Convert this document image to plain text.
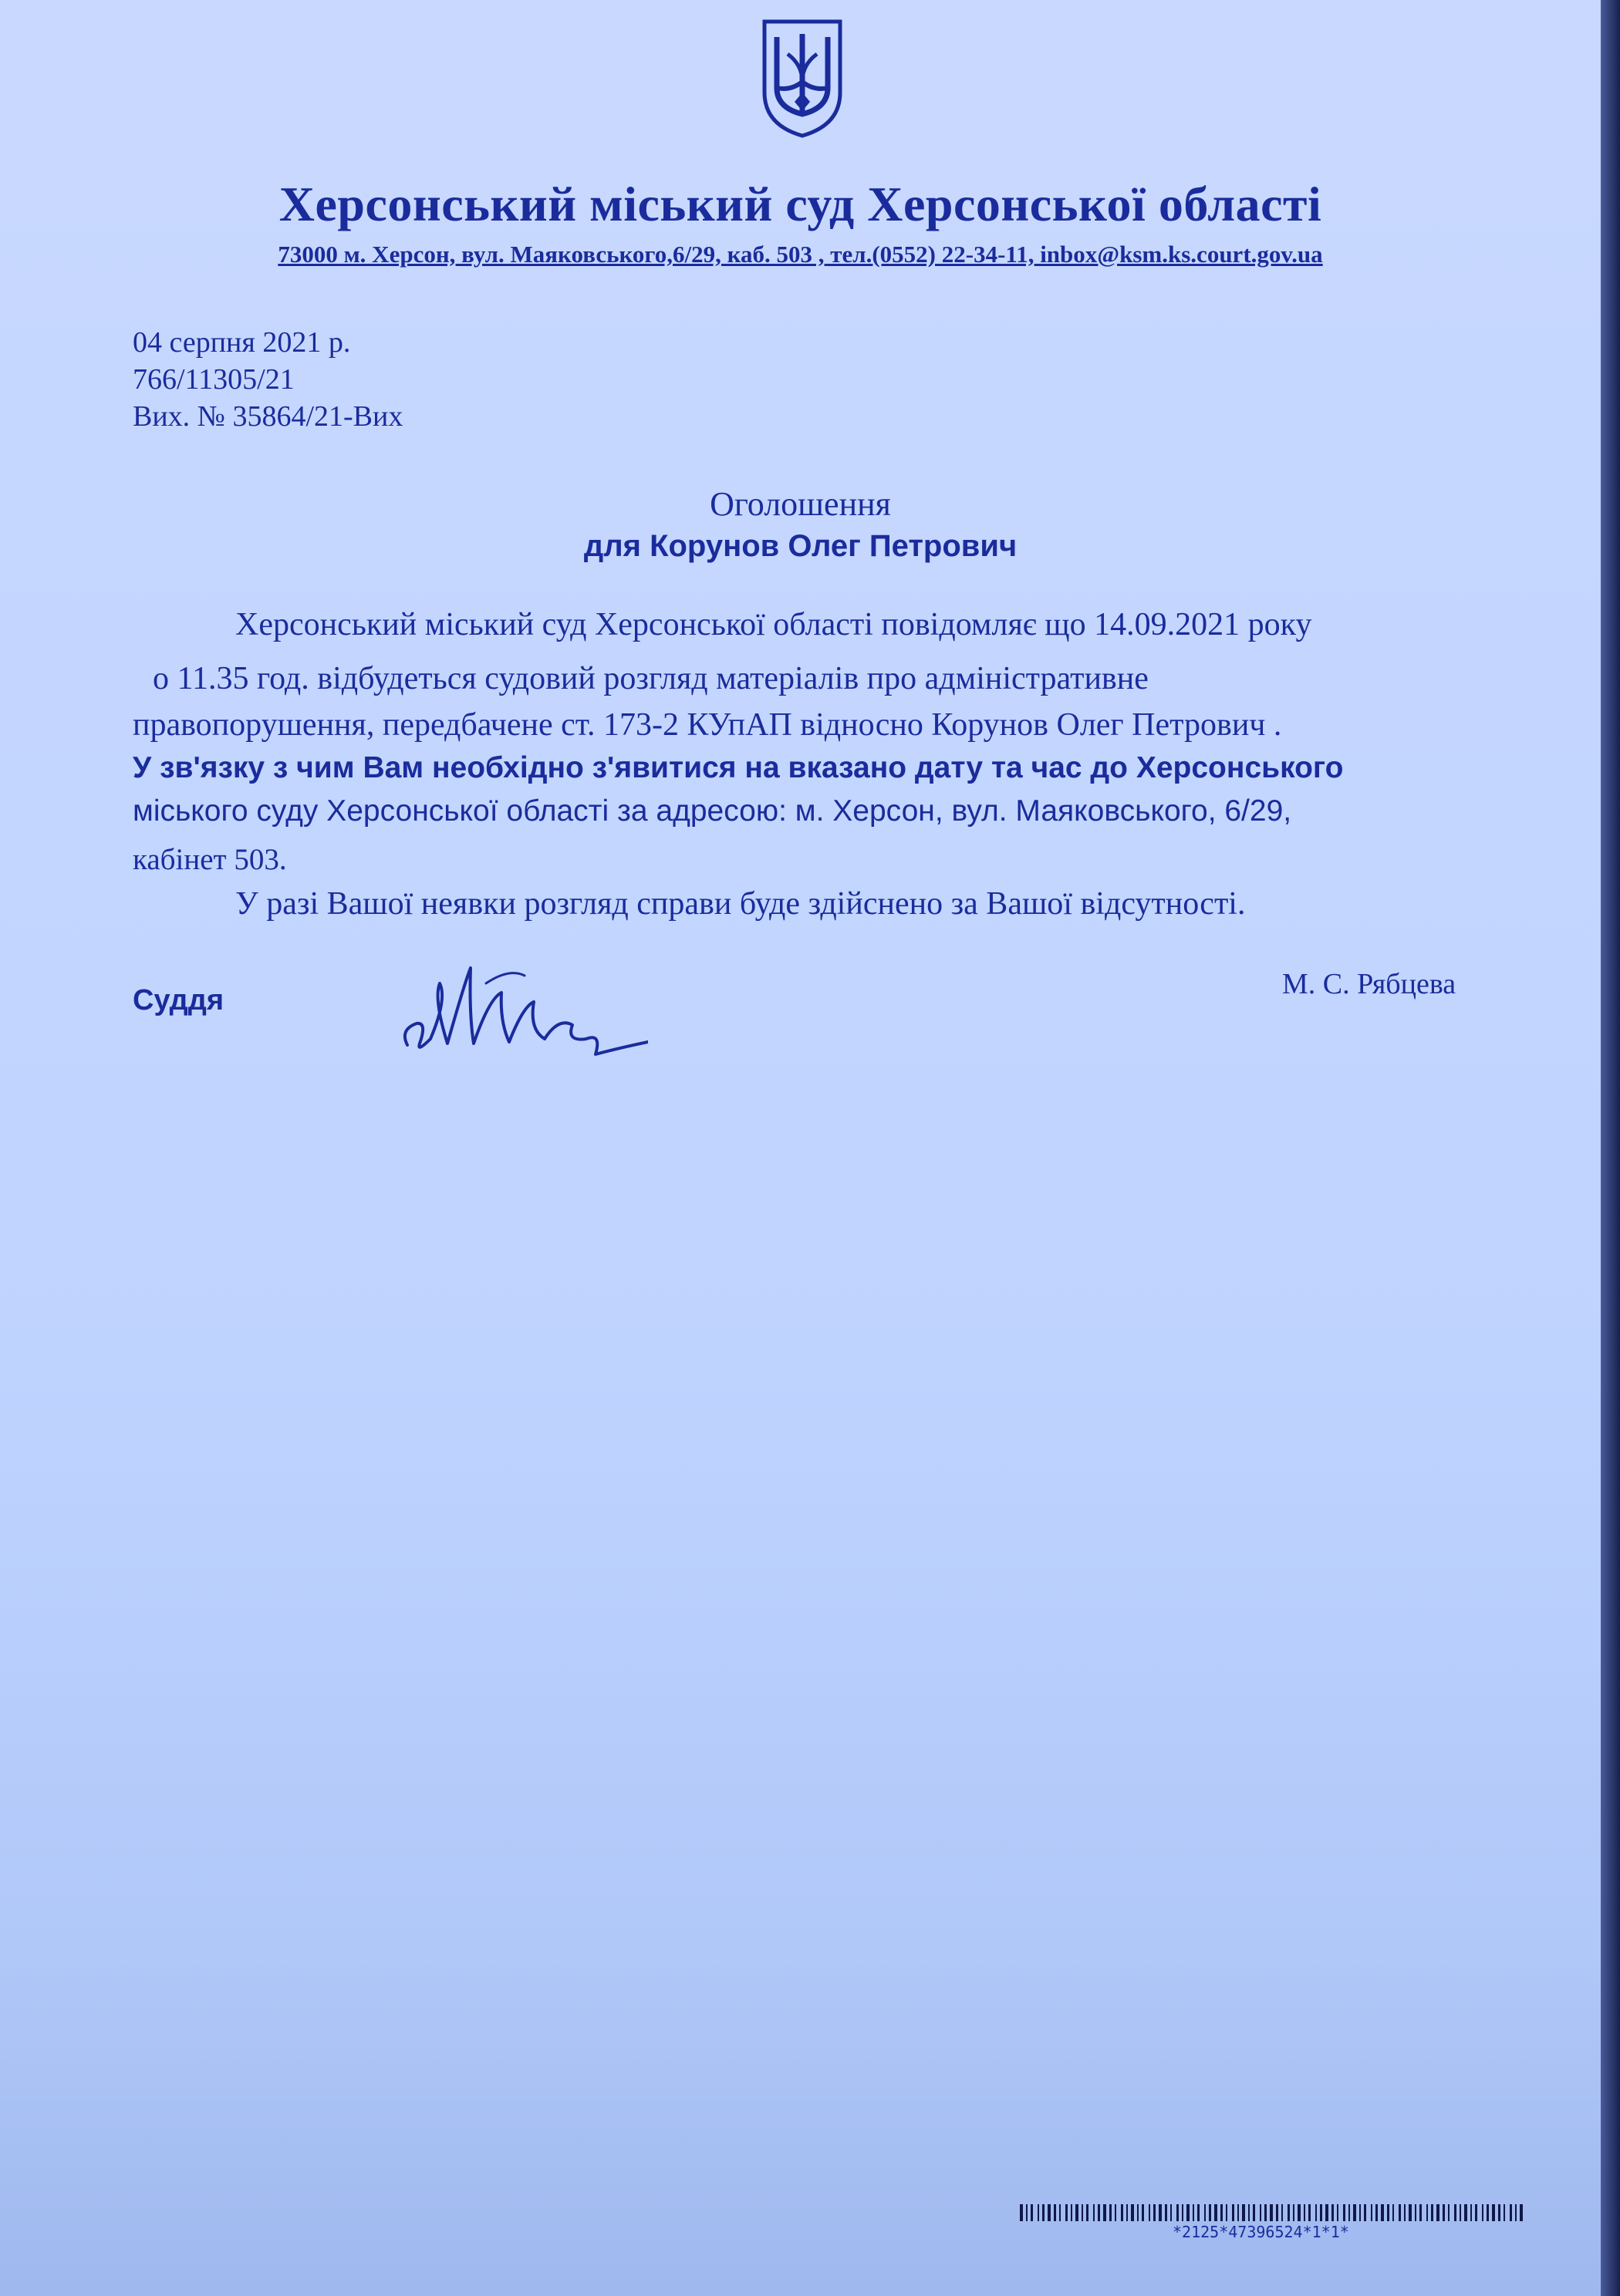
Херсонський міський суд Херсонської області
73000 м. Херсон, вул. Маяковського,6/29, каб. 503 , тел.(0552) 22-34-11, inbox@ksm.ks.court.gov.ua
04 серпня 2021 р.
766/11305/21
Вих. № 35864/21-Вих
Оголошення
для Корунов Олег Петрович
Херсонський міський суд Херсонської області повідомляє що 14.09.2021 року
о 11.35 год. відбудеться судовий розгляд матеріалів про адміністративне
правопорушення, передбачене ст. 173-2 КУпАП відносно Корунов Олег Петрович .
У зв'язку з чим Вам необхідно з'явитися на вказано дату та час до Херсонського
міського суду Херсонської області за адресою: м. Херсон, вул. Маяковського, 6/29,
кабінет 503.
У разі Вашої неявки розгляд справи буде здійснено за Вашої відсутності.
Суддя	М. С. Рябцева
*2125*47396524*1*1*
